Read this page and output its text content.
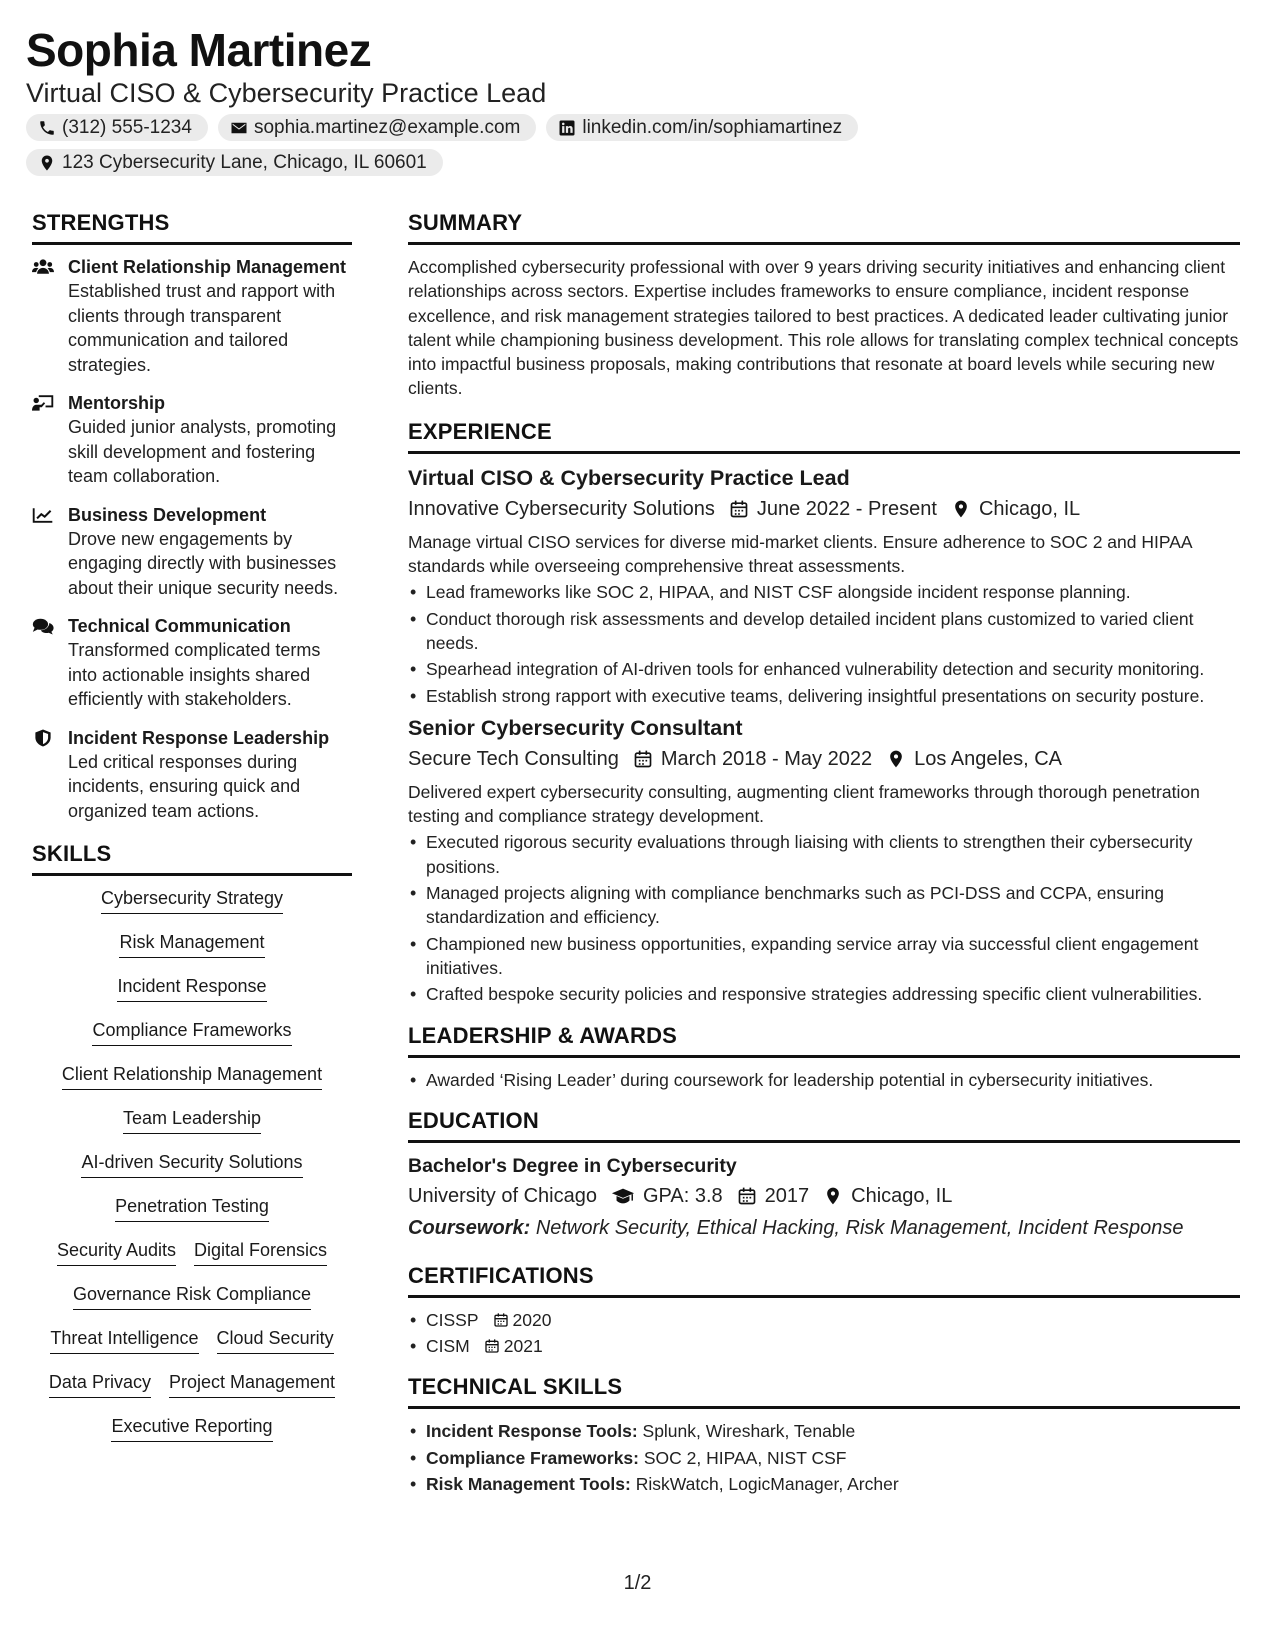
Sophia Martinez
Virtual CISO & Cybersecurity Practice Lead
(312) 555-1234	sophia.martinez@example.com	linkedin.com/in/sophiamartinez
123 Cybersecurity Lane, Chicago, IL 60601
STRENGTHS
Client Relationship Management
Established trust and rapport with clients through transparent communication and tailored strategies.
Mentorship
Guided junior analysts, promoting skill development and fostering team collaboration.
Business Development
Drove new engagements by engaging directly with businesses about their unique security needs.
Technical Communication
Transformed complicated terms into actionable insights shared efficiently with stakeholders.
Incident Response Leadership
Led critical responses during incidents, ensuring quick and organized team actions.
SKILLS
Cybersecurity Strategy
Risk Management
Incident Response
Compliance Frameworks
Client Relationship Management
Team Leadership
AI-driven Security Solutions
Penetration Testing
Security Audits Digital Forensics
Governance Risk Compliance
Threat Intelligence Cloud Security
Data Privacy Project Management
Executive Reporting
SUMMARY
Accomplished cybersecurity professional with over 9 years driving security initiatives and enhancing client relationships across sectors. Expertise includes frameworks to ensure compliance, incident response excellence, and risk management strategies tailored to best practices. A dedicated leader cultivating junior talent while championing business development. This role allows for translating complex technical concepts into impactful business proposals, making contributions that resonate at board levels while securing new clients.
EXPERIENCE
Virtual CISO & Cybersecurity Practice Lead
Innovative Cybersecurity Solutions June 2022 - Present Chicago, IL
Manage virtual CISO services for diverse mid-market clients. Ensure adherence to SOC 2 and HIPAA standards while overseeing comprehensive threat assessments.
• Lead frameworks like SOC 2, HIPAA, and NIST CSF alongside incident response planning.
• Conduct thorough risk assessments and develop detailed incident plans customized to varied client needs.
• Spearhead integration of AI-driven tools for enhanced vulnerability detection and security monitoring.
• Establish strong rapport with executive teams, delivering insightful presentations on security posture.
Senior Cybersecurity Consultant
Secure Tech Consulting March 2018 - May 2022 Los Angeles, CA
Delivered expert cybersecurity consulting, augmenting client frameworks through thorough penetration testing and compliance strategy development.
• Executed rigorous security evaluations through liaising with clients to strengthen their cybersecurity positions.
• Managed projects aligning with compliance benchmarks such as PCI-DSS and CCPA, ensuring standardization and efficiency.
• Championed new business opportunities, expanding service array via successful client engagement initiatives.
• Crafted bespoke security policies and responsive strategies addressing specific client vulnerabilities.
LEADERSHIP & AWARDS
• Awarded ‘Rising Leader’ during coursework for leadership potential in cybersecurity initiatives.
EDUCATION
Bachelor's Degree in Cybersecurity
University of Chicago GPA: 3.8 2017 Chicago, IL
Coursework: Network Security, Ethical Hacking, Risk Management, Incident Response
CERTIFICATIONS
• CISSP 2020
• CISM 2021
TECHNICAL SKILLS
• Incident Response Tools: Splunk, Wireshark, Tenable
• Compliance Frameworks: SOC 2, HIPAA, NIST CSF
• Risk Management Tools: RiskWatch, LogicManager, Archer
1/2
